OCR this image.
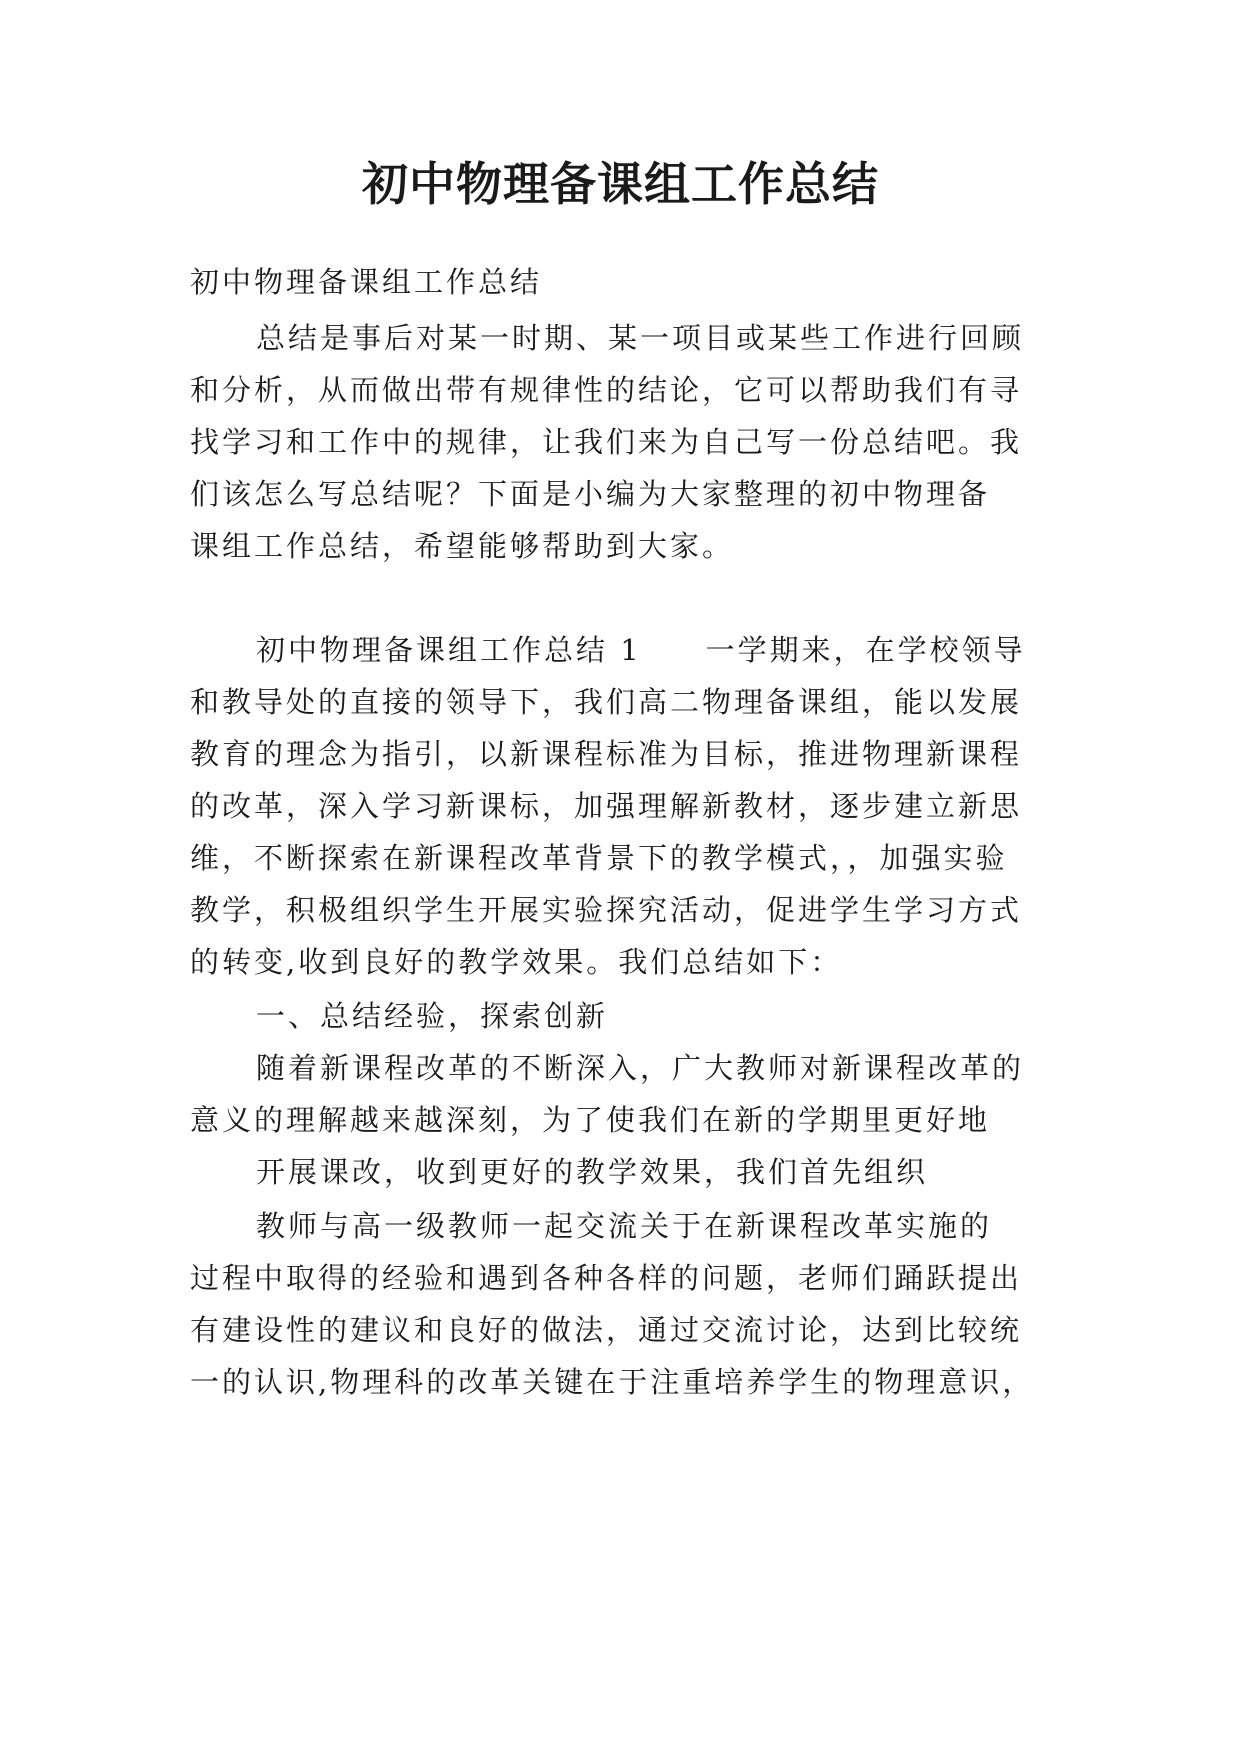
初中物理备课组工作总结

初中物理备课组工作总结

总结是事后对某一时期、某一项目或某些工作进行回顾

和分析，从而做出带有规律性的结论，它可以帮助我们有寻

找学习和工作中的规律，让我们来为自己写一份总结吧。我

们该怎么写总结呢？下面是小编为大家整理的初中物理备

课组工作总结，希望能够帮助到大家。

初中物理备课组工作总结 1　　一学期来，在学校领导

和教导处的直接的领导下，我们高二物理备课组，能以发展

教育的理念为指引，以新课程标准为目标，推进物理新课程

的改革，深入学习新课标，加强理解新教材，逐步建立新思

维，不断探索在新课程改革背景下的教学模式，，加强实验

教学，积极组织学生开展实验探究活动，促进学生学习方式

的转变,收到良好的教学效果。我们总结如下：

一、总结经验，探索创新

随着新课程改革的不断深入，广大教师对新课程改革的

意义的理解越来越深刻，为了使我们在新的学期里更好地

开展课改，收到更好的教学效果，我们首先组织

教师与高一级教师一起交流关于在新课程改革实施的

过程中取得的经验和遇到各种各样的问题，老师们踊跃提出

有建设性的建议和良好的做法，通过交流讨论，达到比较统

一的认识,物理科的改革关键在于注重培养学生的物理意识，
